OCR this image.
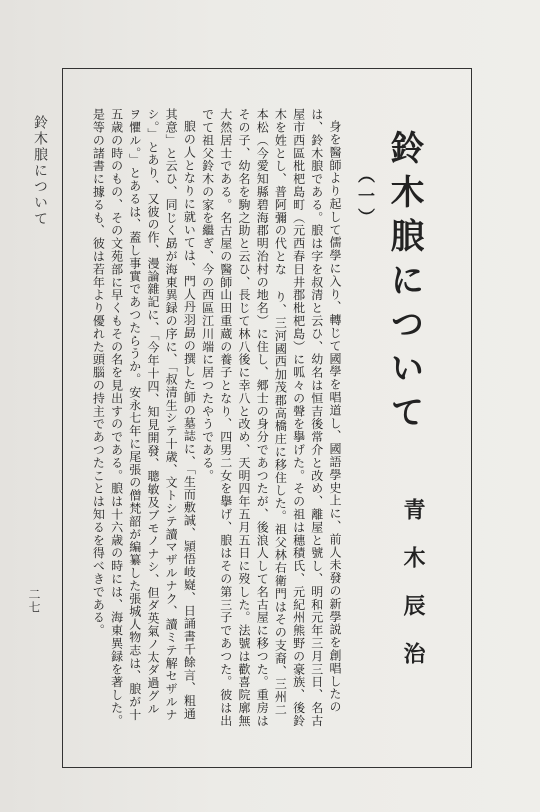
鈴木朖について
二七
鈴木朖について
青木辰治
（一）

身を醫師より起して儒學に入り、轉じて國學を唱道し、國語學史上に、前人未發の新學説を創唱したのは、鈴木朖である。朖は字を叔清と云ひ、幼名は恒吉後常介と改め、離屋と號し、明和元年三月三日、名古屋市西區枇杷島町（元西春日井郡枇杷島）に呱々の聲を擧げた。その祖は穗積氏、元紀州熊野の豪族、後鈴木を姓とし、普阿彌の代とな り、三河國西加茂郡高橋庄に移住した。祖父林右衛門はその支裔、三州二本松（今愛知縣碧海郡明治村の地名）に住し、郷士の身分であつたが、後浪人して名古屋に移つた。重房はその子、幼名を駒之助と云ひ、長じて林八後に幸八と改め、天明四年五月五日に歿した。法號は歡喜院廓無大然居士である。名古屋の醫師山田重蔵の養子となり、四男二女を擧げ、朖はその第三子であつた。彼は出でて祖父鈴木の家を繼ぎ、今の西區江川端に居つたやうである。

朖の人となりに就いては、門人丹羽勗の撰した師の墓誌に、「生而敷誠、頴悟岐嶷、日誦書千餘言、粗通其意」と云ひ、同じく勗が海東異録の序に、「叔清生シテ十歳、文トシテ讀マザルナク、讀ミテ解セザルナシ。」とあり、又彼の作、漫論雜記に、「今年十四、知見開發、聰敏及ブモノナシ、但ダ英氣ノ太ダ過グルヲ懼ル。」とあるは、蓋し事實であつたらうか。安永七年に尾張の僧梵韶が編纂した張城人物志は、朖が十五歳の時のもの、その文苑部に早くもその名を見出すのである。朖は十六歳の時には、海東異録を著した。是等の諸書に據るも、彼は若年より優れた頭腦の持主であつたことは知るを得べきである。
